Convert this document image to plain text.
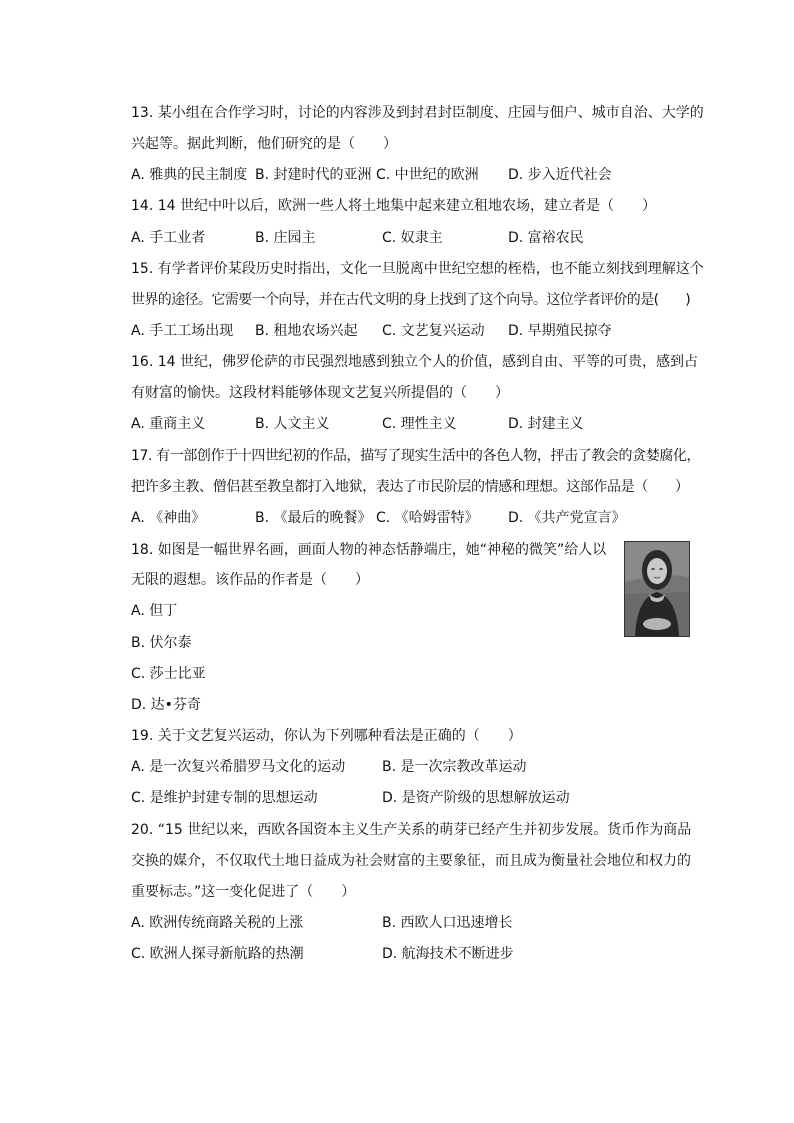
13. 某小组在合作学习时，讨论的内容涉及到封君封臣制度、庄园与佃户、城市自治、大学的
兴起等。据此判断，他们研究的是（　　）
A. 雅典的民主制度 B. 封建时代的亚洲 C. 中世纪的欧洲 D. 步入近代社会
14. 14 世纪中叶以后，欧洲一些人将土地集中起来建立租地农场，建立者是（　　）
A. 手工业者	B. 庄园主	C. 奴隶主	D. 富裕农民
15. 有学者评价某段历史时指出，文化一旦脱离中世纪空想的桎梏，也不能立刻找到理解这个
世界的途径。它需要一个向导，并在古代文明的身上找到了这个向导。这位学者评价的是(　　)
A. 手工工场出现 B. 租地农场兴起 C. 文艺复兴运动 D. 早期殖民掠夺
16. 14 世纪，佛罗伦萨的市民强烈地感到独立个人的价值，感到自由、平等的可贵，感到占
有财富的愉快。这段材料能够体现文艺复兴所提倡的（　　）
A. 重商主义	B. 人文主义	C. 理性主义	D. 封建主义
17. 有一部创作于十四世纪初的作品，描写了现实生活中的各色人物，抨击了教会的贪婪腐化，
把许多主教、僧侣甚至教皇都打入地狱，表达了市民阶层的情感和理想。这部作品是（　　）
A. 《神曲》	B. 《最后的晚餐》 C. 《哈姆雷特》 D. 《共产党宣言》
18. 如图是一幅世界名画，画面人物的神态恬静端庄，她“神秘的微笑”给人以
无限的遐想。该作品的作者是（　　）
A. 但丁
B. 伏尔泰
C. 莎士比亚
D. 达•芬奇
19. 关于文艺复兴运动，你认为下列哪种看法是正确的（　　）
A. 是一次复兴希腊罗马文化的运动	B. 是一次宗教改革运动
C. 是维护封建专制的思想运动	D. 是资产阶级的思想解放运动
20. “15 世纪以来，西欧各国资本主义生产关系的萌芽已经产生并初步发展。货币作为商品
交换的媒介，不仅取代土地日益成为社会财富的主要象征，而且成为衡量社会地位和权力的
重要标志。”这一变化促进了（　　）
A. 欧洲传统商路关税的上涨	B. 西欧人口迅速增长
C. 欧洲人探寻新航路的热潮	D. 航海技术不断进步
